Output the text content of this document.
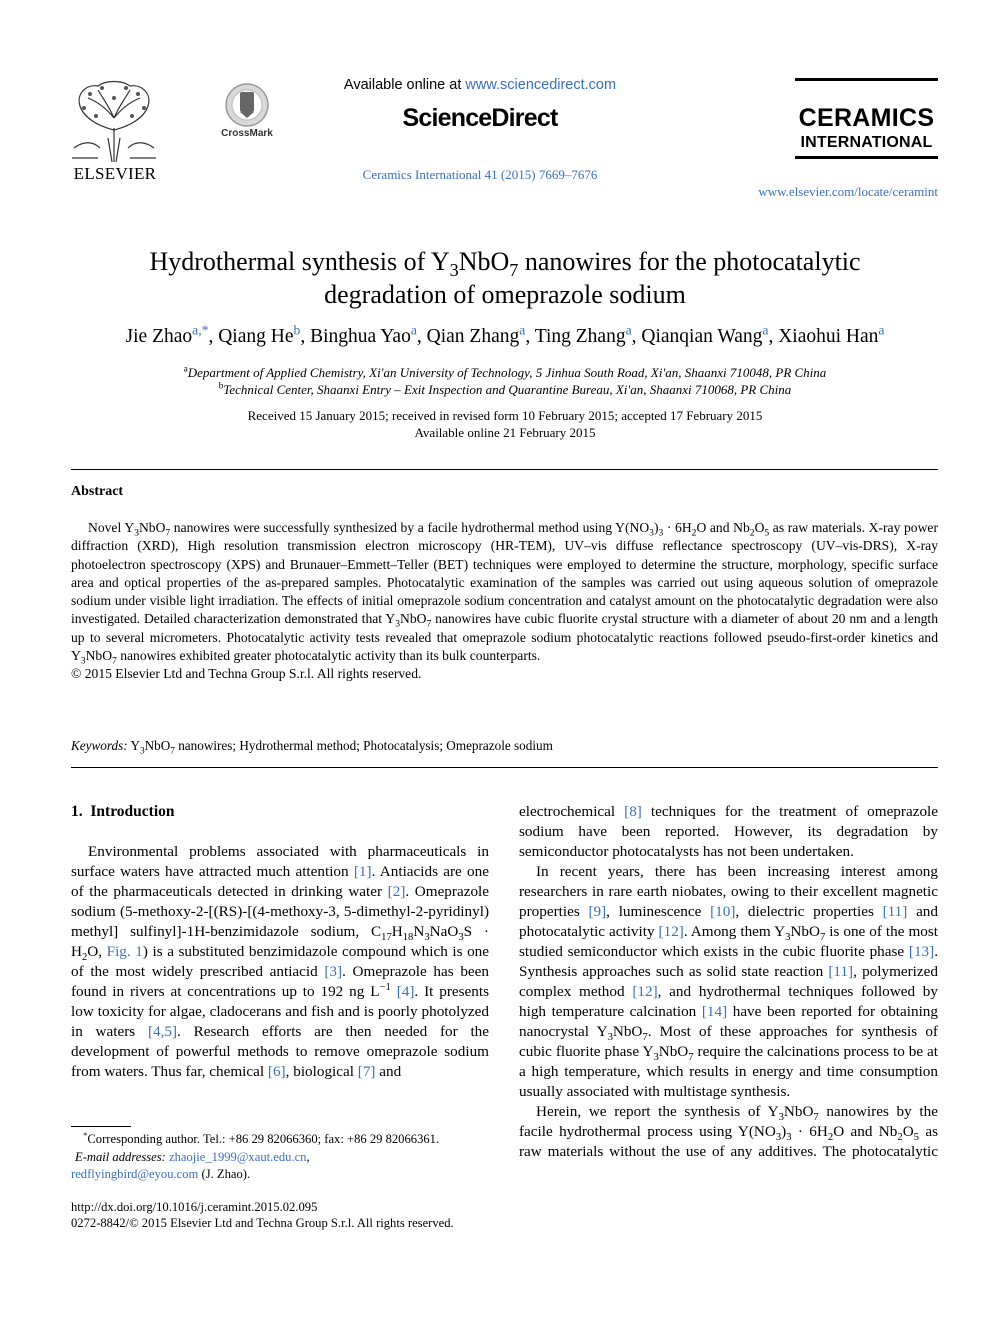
ELSEVIER
CrossMark
Available online at www.sciencedirect.com
ScienceDirect
Ceramics International 41 (2015) 7669–7676
CERAMICS
INTERNATIONAL
www.elsevier.com/locate/ceramint
Hydrothermal synthesis of $Y_3NbO_7$ nanowires for the photocatalytic
degradation of omeprazole sodium
Jie Zhao$^{a,*}$, Qiang He$^b$, Binghua Yao$^a$, Qian Zhang$^a$, Ting Zhang$^a$, Qianqian Wang$^a$, Xiaohui Han$^a$
$^a$Department of Applied Chemistry, Xi'an University of Technology, 5 Jinhua South Road, Xi'an, Shaanxi 710048, PR China
$^b$Technical Center, Shaanxi Entry – Exit Inspection and Quarantine Bureau, Xi'an, Shaanxi 710068, PR China
Received 15 January 2015; received in revised form 10 February 2015; accepted 17 February 2015
Available online 21 February 2015
Abstract
Novel $Y_3NbO_7$ nanowires were successfully synthesized by a facile hydrothermal method using $Y(NO_3)_3 \cdot 6H_2O$ and $Nb_2O_5$ as raw materials. X-ray power diffraction (XRD), High resolution transmission electron microscopy (HR-TEM), UV–vis diffuse reflectance spectroscopy (UV–vis-DRS), X-ray photoelectron spectroscopy (XPS) and Brunauer–Emmett–Teller (BET) techniques were employed to determine the structure, morphology, specific surface area and optical properties of the as-prepared samples. Photocatalytic examination of the samples was carried out using aqueous solution of omeprazole sodium under visible light irradiation. The effects of initial omeprazole sodium concentration and catalyst amount on the photocatalytic degradation were also investigated. Detailed characterization demonstrated that $Y_3NbO_7$ nanowires have cubic fluorite crystal structure with a diameter of about 20 nm and a length up to several micrometers. Photocatalytic activity tests revealed that omeprazole sodium photocatalytic reactions followed pseudo-first-order kinetics and $Y_3NbO_7$ nanowires exhibited greater photocatalytic activity than its bulk counterparts.
© 2015 Elsevier Ltd and Techna Group S.r.l. All rights reserved.
Keywords: $Y_3NbO_7$ nanowires; Hydrothermal method; Photocatalysis; Omeprazole sodium
1.  Introduction

Environmental problems associated with pharmaceuticals in surface waters have attracted much attention [1]. Antiacids are one of the pharmaceuticals detected in drinking water [2]. Omeprazole sodium (5-methoxy-2-[(RS)-[(4-methoxy-3, 5-dimethyl-2-pyridinyl) methyl] sulfinyl]-1H-benzimidazole sodium, $C_{17}H_{18}N_3NaO_3S \cdot H_2O$, Fig. 1) is a substituted benzimidazole compound which is one of the most widely prescribed antiacid [3]. Omeprazole has been found in rivers at concentrations up to 192 ng $L^{-1}$ [4]. It presents low toxicity for algae, cladocerans and fish and is poorly photolyzed in waters [4,5]. Research efforts are then needed for the development of powerful methods to remove omeprazole sodium from waters. Thus far, chemical [6], biological [7] and

*Corresponding author. Tel.: +86 29 82066360; fax: +86 29 82066361.
E-mail addresses: zhaojie_1999@xaut.edu.cn,
redflyingbird@eyou.com (J. Zhao).
http://dx.doi.org/10.1016/j.ceramint.2015.02.095
0272-8842/© 2015 Elsevier Ltd and Techna Group S.r.l. All rights reserved.

electrochemical [8] techniques for the treatment of omeprazole sodium have been reported. However, its degradation by semiconductor photocatalysts has not been undertaken.

In recent years, there has been increasing interest among researchers in rare earth niobates, owing to their excellent magnetic properties [9], luminescence [10], dielectric properties [11] and photocatalytic activity [12]. Among them $Y_3NbO_7$ is one of the most studied semiconductor which exists in the cubic fluorite phase [13]. Synthesis approaches such as solid state reaction [11], polymerized complex method [12], and hydrothermal techniques followed by high temperature calcination [14] have been reported for obtaining nanocrystal $Y_3NbO_7$. Most of these approaches for synthesis of cubic fluorite phase $Y_3NbO_7$ require the calcinations process to be at a high temperature, which results in energy and time consumption usually associated with multistage synthesis.

Herein, we report the synthesis of $Y_3NbO_7$ nanowires by the facile hydrothermal process using $Y(NO_3)_3 \cdot 6H_2O$ and $Nb_2O_5$ as raw materials without the use of any additives. The photocatalytic
